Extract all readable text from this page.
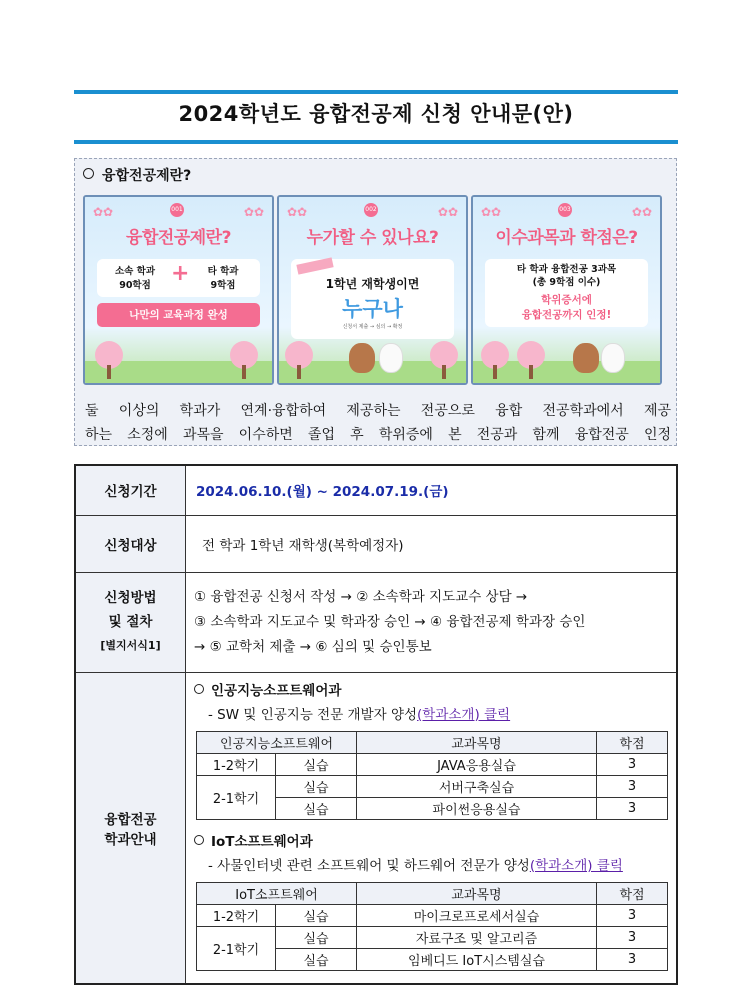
2024학년도 융합전공제 신청 안내문(안)
융합전공제란?
✿✿	✿✿
001
융합전공제란?
소속 학과
90학점 +	타 학과
9학점
나만의 교육과정 완성
✿✿	✿✿
002
누가할 수 있나요?
1학년 재학생이면
누구나
신청서 제출 → 심의 → 확정
✿✿	✿✿
003
이수과목과 학점은?
타 학과 융합전공 3과목
(총 9학점 이수)
학위증서에
융합전공까지 인정!
둘 이상의 학과가 연계·융합하여 제공하는 전공으로 융합 전공학과에서 제공
하는 소정에 과목을 이수하면 졸업 후 학위증에 본 전공과 함께 융합전공 인정
신청기간	2024.06.10.(월) ~ 2024.07.19.(금)
신청대상	전 학과 1학년 재학생(복학예정자)

신청방법
및 절차
[별지서식1]

① 융합전공 신청서 작성 → ② 소속학과 지도교수 상담 →
③ 소속학과 지도교수 및 학과장 승인 → ④ 융합전공제 학과장 승인
→ ⑤ 교학처 제출 → ⑥ 심의 및 승인통보

융합전공
학과안내

인공지능소프트웨어과
- SW 및 인공지능 전문 개발자 양성(학과소개) 클릭
인공지능소프트웨어	교과목명	학점
1-2학기	실습	JAVA응용실습	3
2-1학기	실습	서버구축실습	3
실습	파이썬응용실습	3
IoT소프트웨어과
- 사물인터넷 관련 소프트웨어 및 하드웨어 전문가 양성(학과소개) 클릭
IoT소프트웨어	교과목명	학점
1-2학기	실습	마이크로프로세서실습	3
2-1학기	실습	자료구조 및 알고리즘	3
실습	임베디드 IoT시스템실습	3
